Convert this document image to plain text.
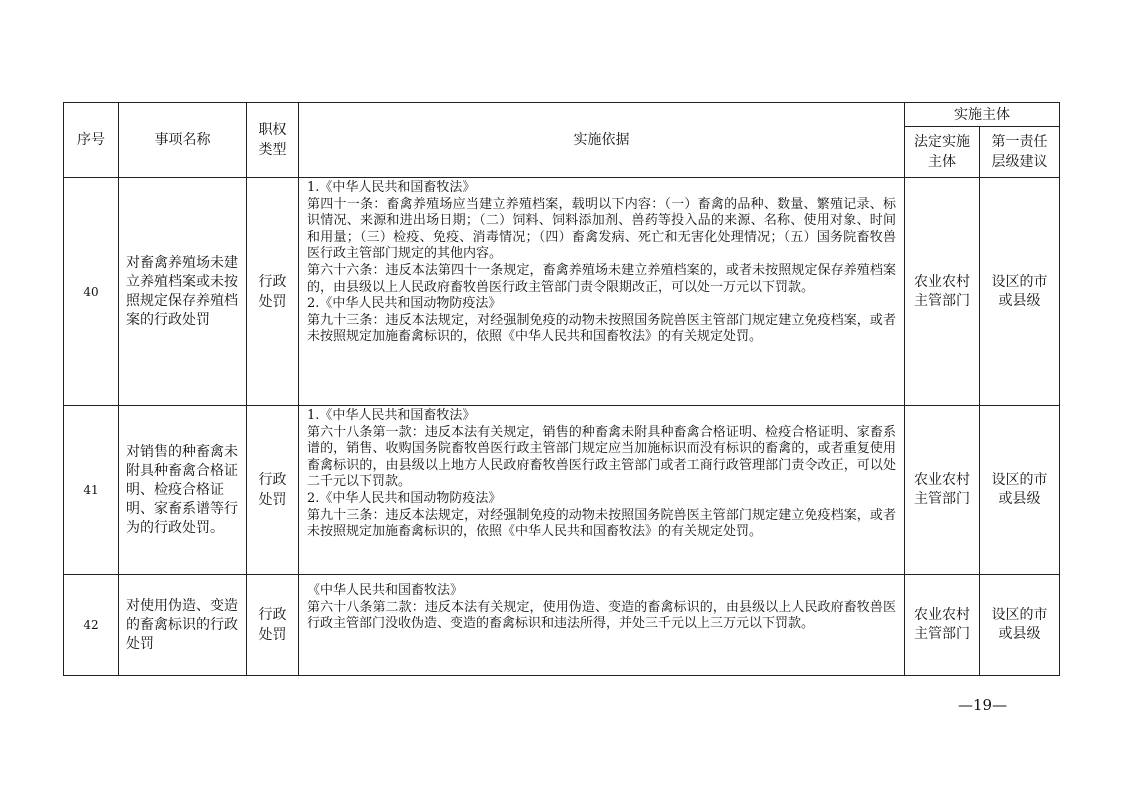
序号	事项名称	职权类型	实施依据	实施主体	
				法定实施主体	第一责任层级建议
40	对畜禽养殖场未建立养殖档案或未按照规定保存养殖档案的行政处罚	行政处罚	1.《中华人民共和国畜牧法》

第四十一条：畜禽养殖场应当建立养殖档案，载明以下内容：（一）畜禽的品种、数量、繁殖记录、标识情况、来源和进出场日期；（二）饲料、饲料添加剂、兽药等投入品的来源、名称、使用对象、时间和用量；（三）检疫、免疫、消毒情况；（四）畜禽发病、死亡和无害化处理情况；（五）国务院畜牧兽医行政主管部门规定的其他内容。

第六十六条：违反本法第四十一条规定，畜禽养殖场未建立养殖档案的，或者未按照规定保存养殖档案的，由县级以上人民政府畜牧兽医行政主管部门责令限期改正，可以处一万元以下罚款。

2.《中华人民共和国动物防疫法》

第九十三条：违反本法规定，对经强制免疫的动物未按照国务院兽医主管部门规定建立免疫档案，或者未按照规定加施畜禽标识的，依照《中华人民共和国畜牧法》的有关规定处罚。	农业农村主管部门	设区的市或县级
41	对销售的种畜禽未附具种畜禽合格证明、检疫合格证明、家畜系谱等行为的行政处罚。	行政处罚	1.《中华人民共和国畜牧法》

第六十八条第一款：违反本法有关规定，销售的种畜禽未附具种畜禽合格证明、检疫合格证明、家畜系谱的，销售、收购国务院畜牧兽医行政主管部门规定应当加施标识而没有标识的畜禽的，或者重复使用畜禽标识的，由县级以上地方人民政府畜牧兽医行政主管部门或者工商行政管理部门责令改正，可以处二千元以下罚款。

2.《中华人民共和国动物防疫法》

第九十三条：违反本法规定，对经强制免疫的动物未按照国务院兽医主管部门规定建立免疫档案，或者未按照规定加施畜禽标识的，依照《中华人民共和国畜牧法》的有关规定处罚。	农业农村主管部门	设区的市或县级
42	对使用伪造、变造的畜禽标识的行政处罚	行政处罚	《中华人民共和国畜牧法》

第六十八条第二款：违反本法有关规定，使用伪造、变造的畜禽标识的，由县级以上人民政府畜牧兽医行政主管部门没收伪造、变造的畜禽标识和违法所得，并处三千元以上三万元以下罚款。	农业农村主管部门	设区的市或县级
—19—
